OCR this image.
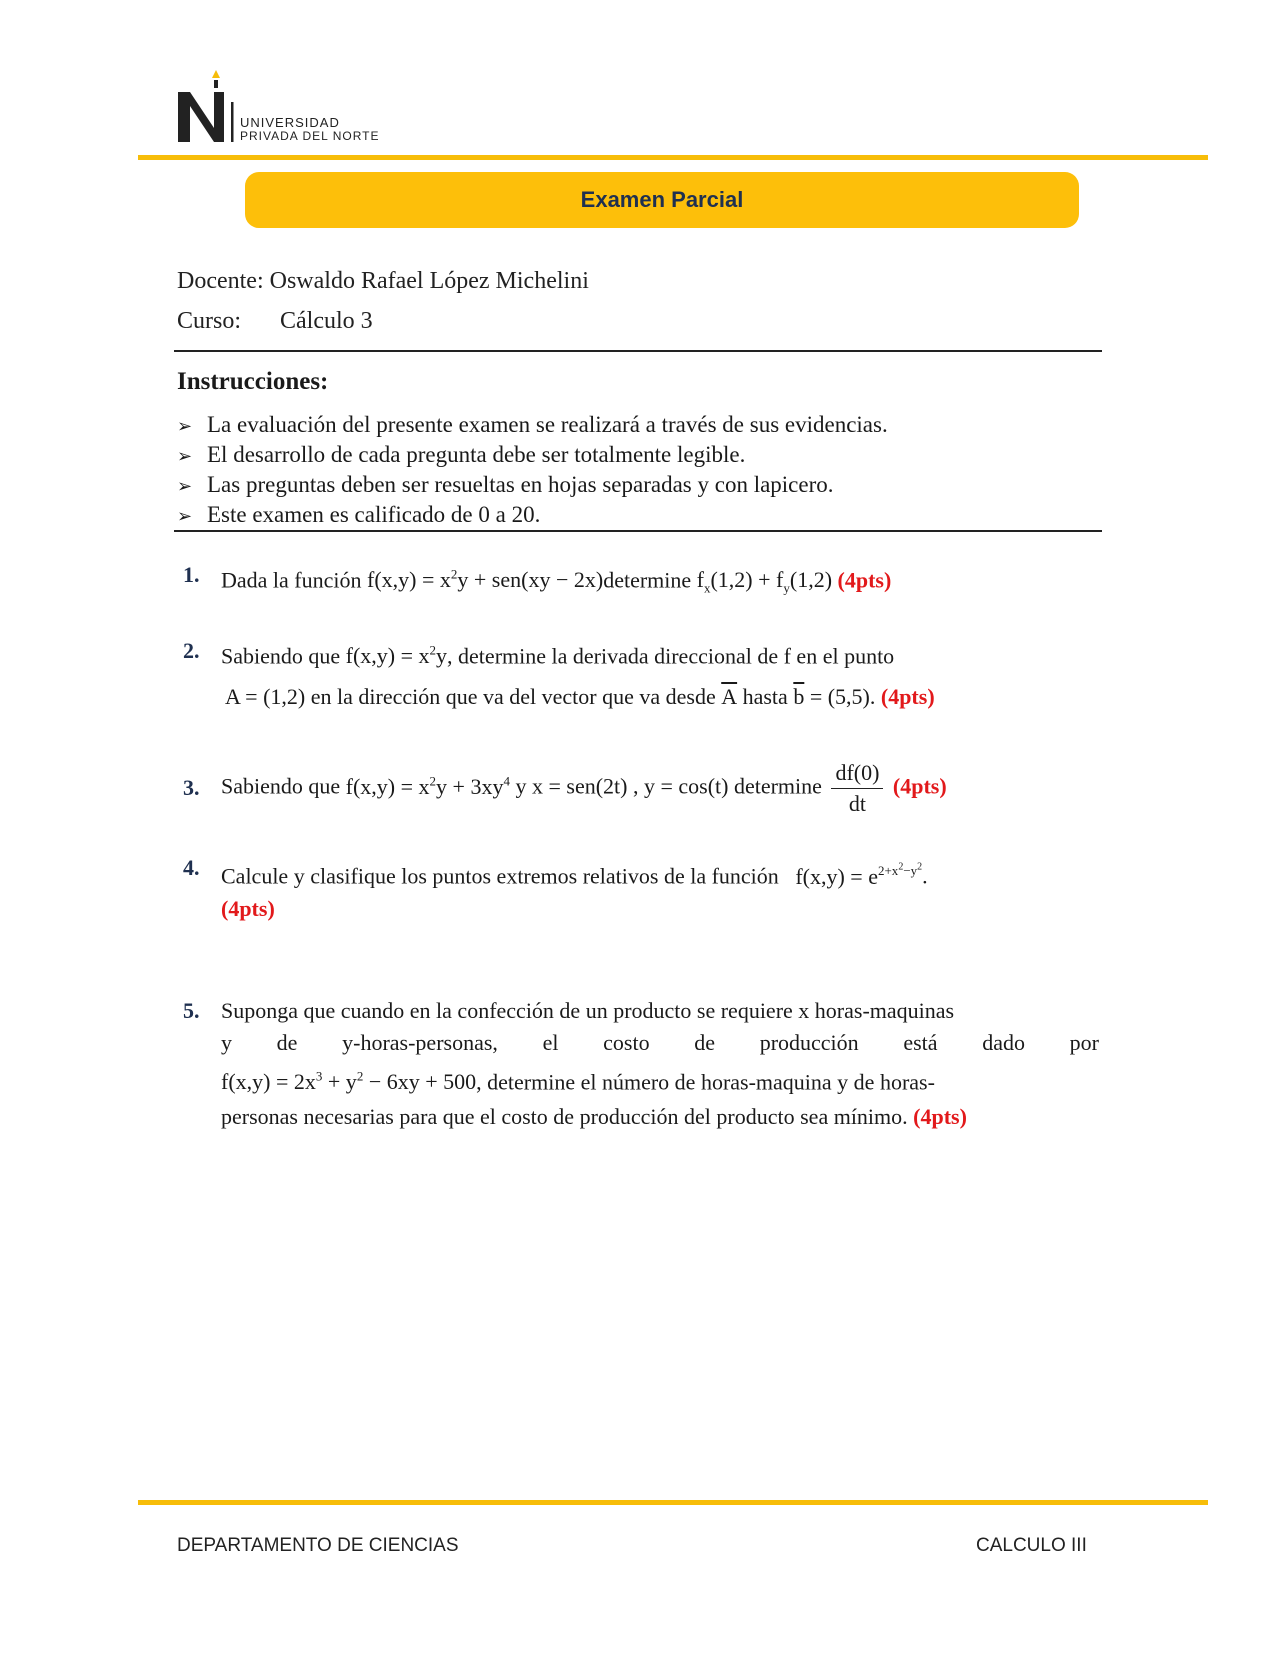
UNIVERSIDAD
PRIVADA DEL NORTE
Examen Parcial
Docente: Oswaldo Rafael López Michelini
Curso: Cálculo 3
Instrucciones:
➢ La evaluación del presente examen se realizará a través de sus evidencias.
➢ El desarrollo de cada pregunta debe ser totalmente legible.
➢ Las preguntas deben ser resueltas en hojas separadas y con lapicero.
➢ Este examen es calificado de 0 a 20.
1. Dada la función $f(x,y) = x^2y + sen(xy$ − 2x)determine $f_x(1,2) + f_y(1,2)$ (4pts)
2. Sabiendo que $f(x,y) = x^2y$, determine la derivada direccional de f en el punto
A = (1,2) en la dirección que va del vector que va desde $\overline{A}$ hasta $\overline{b} = (5,5)$. (4pts)
3. Sabiendo que $f(x,y) = x^2y + 3xy^4$ y x = sen(2t) , y = cos(t) determine $\frac{df(0)}{dt} (4pts)$
4. Calcule y clasifique los puntos extremos relativos de la función $f(x,y) = e^{2+x^2-y^2}$.
(4pts)
5. Suponga que cuando en la confección de un producto se requiere x horas-maquinas
y de y-horas-personas, el costo de producción está dado por
$f(x,y) = 2x^3 + y^2 - 6xy + 500$, determine el número de horas-maquina y de horas-
personas necesarias para que el costo de producción del producto sea mínimo. (4pts)
DEPARTAMENTO DE CIENCIAS	CALCULO III
